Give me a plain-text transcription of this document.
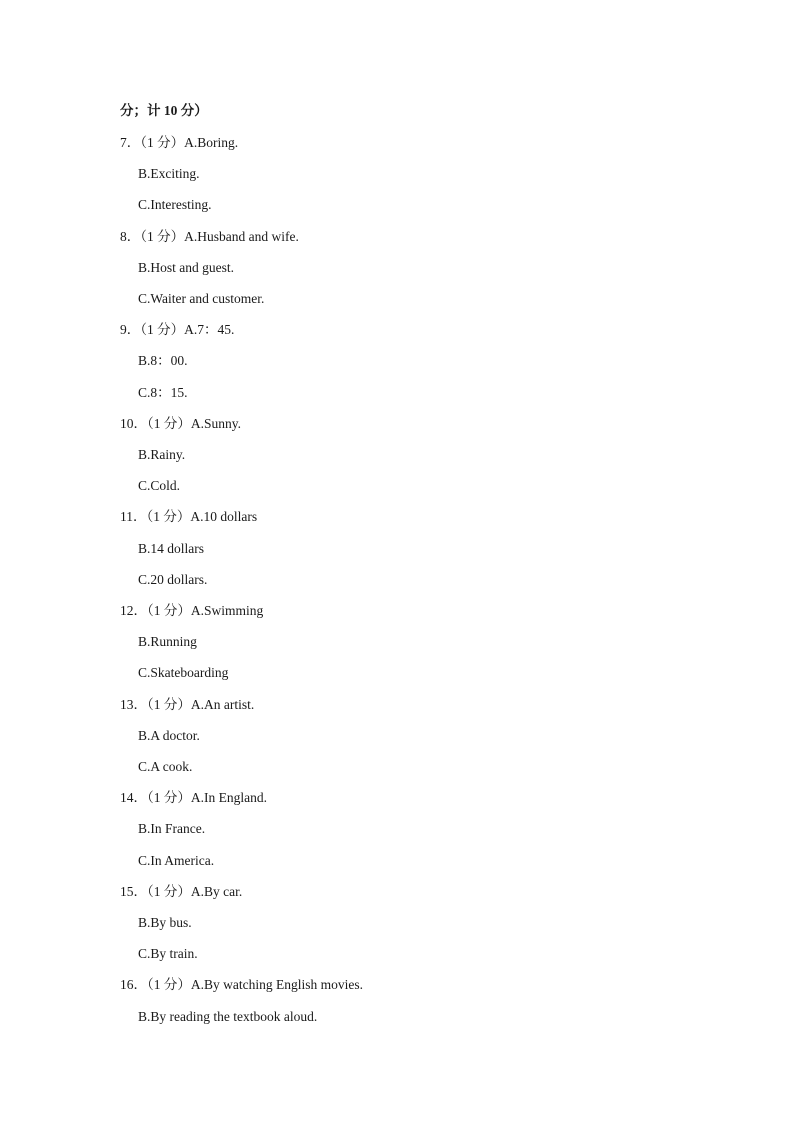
分；计 10 分）
7．（1 分）A.Boring.
B.Exciting.
C.Interesting.
8．（1 分）A.Husband and wife.
B.Host and guest.
C.Waiter and customer.
9．（1 分）A.7：45.
B.8：00.
C.8：15.
10．（1 分）A.Sunny.
B.Rainy.
C.Cold.
11．（1 分）A.10 dollars
B.14 dollars
C.20 dollars.
12．（1 分）A.Swimming
B.Running
C.Skateboarding
13．（1 分）A.An artist.
B.A doctor.
C.A cook.
14．（1 分）A.In England.
B.In France.
C.In America.
15．（1 分）A.By car.
B.By bus.
C.By train.
16．（1 分）A.By watching English movies.
B.By reading the textbook aloud.
